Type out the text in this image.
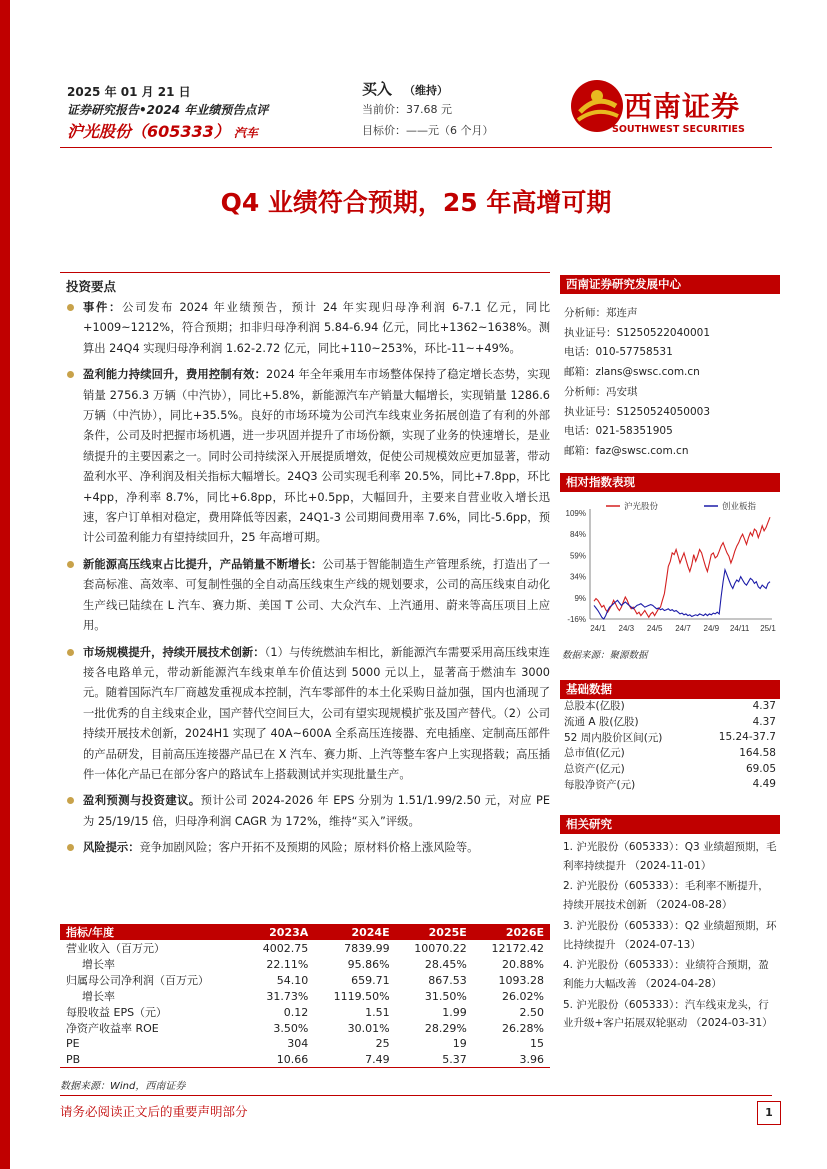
2025 年 01 月 21 日
证券研究报告•2024 年业绩预告点评
沪光股份（605333） 汽车
买入 （维持）
当前价：37.68 元
目标价：——元（6 个月）
西南证券
SOUTHWEST SECURITIES
Q4 业绩符合预期，25 年高增可期
投资要点
事件：公司发布 2024 年业绩预告，预计 24 年实现归母净利润 6-7.1 亿元，同比+1009~1212%，符合预期；扣非归母净利润 5.84-6.94 亿元，同比+1362~1638%。测算出 24Q4 实现归母净利润 1.62-2.72 亿元，同比+110~253%，环比-11~+49%。
盈利能力持续回升，费用控制有效：2024 年全年乘用车市场整体保持了稳定增长态势，实现销量 2756.3 万辆（中汽协），同比+5.8%，新能源汽车产销量大幅增长，实现销量 1286.6 万辆（中汽协），同比+35.5%。良好的市场环境为公司汽车线束业务拓展创造了有利的外部条件，公司及时把握市场机遇，进一步巩固并提升了市场份额，实现了业务的快速增长，是业绩提升的主要因素之一。同时公司持续深入开展提质增效，促使公司规模效应更加显著，带动盈利水平、净利润及相关指标大幅增长。24Q3 公司实现毛利率 20.5%，同比+7.8pp，环比+4pp，净利率 8.7%，同比+6.8pp，环比+0.5pp，大幅回升，主要来自营业收入增长迅速，客户订单相对稳定，费用降低等因素，24Q1-3 公司期间费用率 7.6%，同比-5.6pp，预计公司盈利能力有望持续回升，25 年高增可期。
新能源高压线束占比提升，产品销量不断增长：公司基于智能制造生产管理系统，打造出了一套高标准、高效率、可复制性强的全自动高压线束生产线的规划要求，公司的高压线束自动化生产线已陆续在 L 汽车、赛力斯、美国 T 公司、大众汽车、上汽通用、蔚来等高压项目上应用。
市场规模提升，持续开展技术创新：（1）与传统燃油车相比，新能源汽车需要采用高压线束连接各电路单元，带动新能源汽车线束单车价值达到 5000 元以上，显著高于燃油车 3000 元。随着国际汽车厂商越发重视成本控制，汽车零部件的本土化采购日益加强，国内也涌现了一批优秀的自主线束企业，国产替代空间巨大，公司有望实现规模扩张及国产替代。（2）公司持续开展技术创新，2024H1 实现了 40A~600A 全系高压连接器、充电插座、定制高压部件的产品研发，目前高压连接器产品已在 X 汽车、赛力斯、上汽等整车客户上实现搭载；高压插件一体化产品已在部分客户的路试车上搭载测试并实现批量生产。
盈利预测与投资建议。预计公司 2024-2026 年 EPS 分别为 1.51/1.99/2.50 元，对应 PE 为 25/19/15 倍，归母净利润 CAGR 为 172%，维持“买入”评级。
风险提示：竞争加剧风险；客户开拓不及预期的风险；原材料价格上涨风险等。
指标/年度	2023A	2024E	2025E	2026E
营业收入（百万元）	4002.75	7839.99	10070.22	12172.42
增长率	22.11%	95.86%	28.45%	20.88%
归属母公司净利润（百万元）	54.10	659.71	867.53	1093.28
增长率	31.73%	1119.50%	31.50%	26.02%
每股收益 EPS（元）	0.12	1.51	1.99	2.50
净资产收益率 ROE	3.50%	30.01%	28.29%	26.28%
PE	304	25	19	15
PB	10.66	7.49	5.37	3.96
数据来源：Wind，西南证券
西南证券研究发展中心
分析师：郑连声
执业证号：S1250522040001
电话：010-57758531
邮箱：zlans@swsc.com.cn
分析师：冯安琪
执业证号：S1250524050003
电话：021-58351905
邮箱：faz@swsc.com.cn
相对指数表现
109%
84%
59%
34%
9%
-16%
24/1 24/3 24/5 24/7 24/9 24/11 25/1
沪光股份	创业板指
数据来源：聚源数据
基础数据
总股本(亿股)	4.37
流通 A 股(亿股)	4.37
52 周内股价区间(元)	15.24-37.7
总市值(亿元)	164.58
总资产(亿元)	69.05
每股净资产(元)	4.49
相关研究
1. 沪光股份（605333）：Q3 业绩超预期，毛利率持续提升 （2024-11-01）
2. 沪光股份（605333）：毛利率不断提升，持续开展技术创新 （2024-08-28）
3. 沪光股份（605333）：Q2 业绩超预期，环比持续提升 （2024-07-13）
4. 沪光股份（605333）：业绩符合预期，盈利能力大幅改善 （2024-04-28）
5. 沪光股份（605333）：汽车线束龙头，行业升级+客户拓展双轮驱动 （2024-03-31）
请务必阅读正文后的重要声明部分	1
